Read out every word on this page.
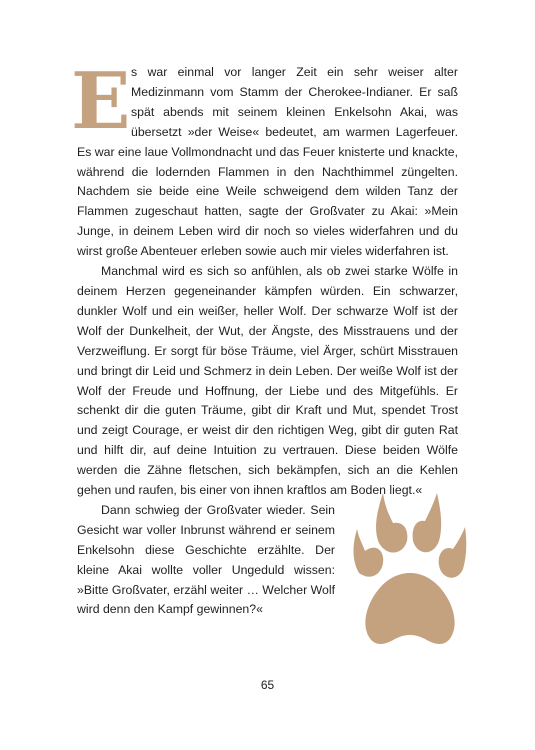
Es war einmal vor langer Zeit ein sehr weiser alter Medizinmann vom Stamm der Cherokee-Indianer. Er saß spät abends mit seinem kleinen Enkelsohn Akai, was übersetzt »der Weise« bedeutet, am warmen Lagerfeuer. Es war eine laue Vollmondnacht und das Feuer knisterte und knackte, während die lodernden Flammen in den Nachthimmel züngelten. Nachdem sie beide eine Weile schweigend dem wilden Tanz der Flammen zugeschaut hatten, sagte der Großvater zu Akai: »Mein Junge, in deinem Leben wird dir noch so vieles widerfahren und du wirst große Abenteuer erleben sowie auch mir vieles widerfahren ist.

Manchmal wird es sich so anfühlen, als ob zwei starke Wölfe in deinem Herzen gegeneinander kämpfen würden. Ein schwarzer, dunkler Wolf und ein weißer, heller Wolf. Der schwarze Wolf ist der Wolf der Dunkelheit, der Wut, der Ängste, des Misstrauens und der Verzweiflung. Er sorgt für böse Träume, viel Ärger, schürt Misstrauen und bringt dir Leid und Schmerz in dein Leben. Der weiße Wolf ist der Wolf der Freude und Hoffnung, der Liebe und des Mitgefühls. Er schenkt dir die guten Träume, gibt dir Kraft und Mut, spendet Trost und zeigt Courage, er weist dir den richtigen Weg, gibt dir guten Rat und hilft dir, auf deine Intuition zu vertrauen. Diese beiden Wölfe werden die Zähne fletschen, sich bekämpfen, sich an die Kehlen gehen und raufen, bis einer von ihnen kraftlos am Boden liegt.«

Dann schwieg der Großvater wieder. Sein Gesicht war voller Inbrunst während er seinem Enkelsohn diese Geschichte erzählte. Der kleine Akai wollte voller Ungeduld wissen: »Bitte Großvater, erzähl weiter … Welcher Wolf wird denn den Kampf gewinnen?«

65
